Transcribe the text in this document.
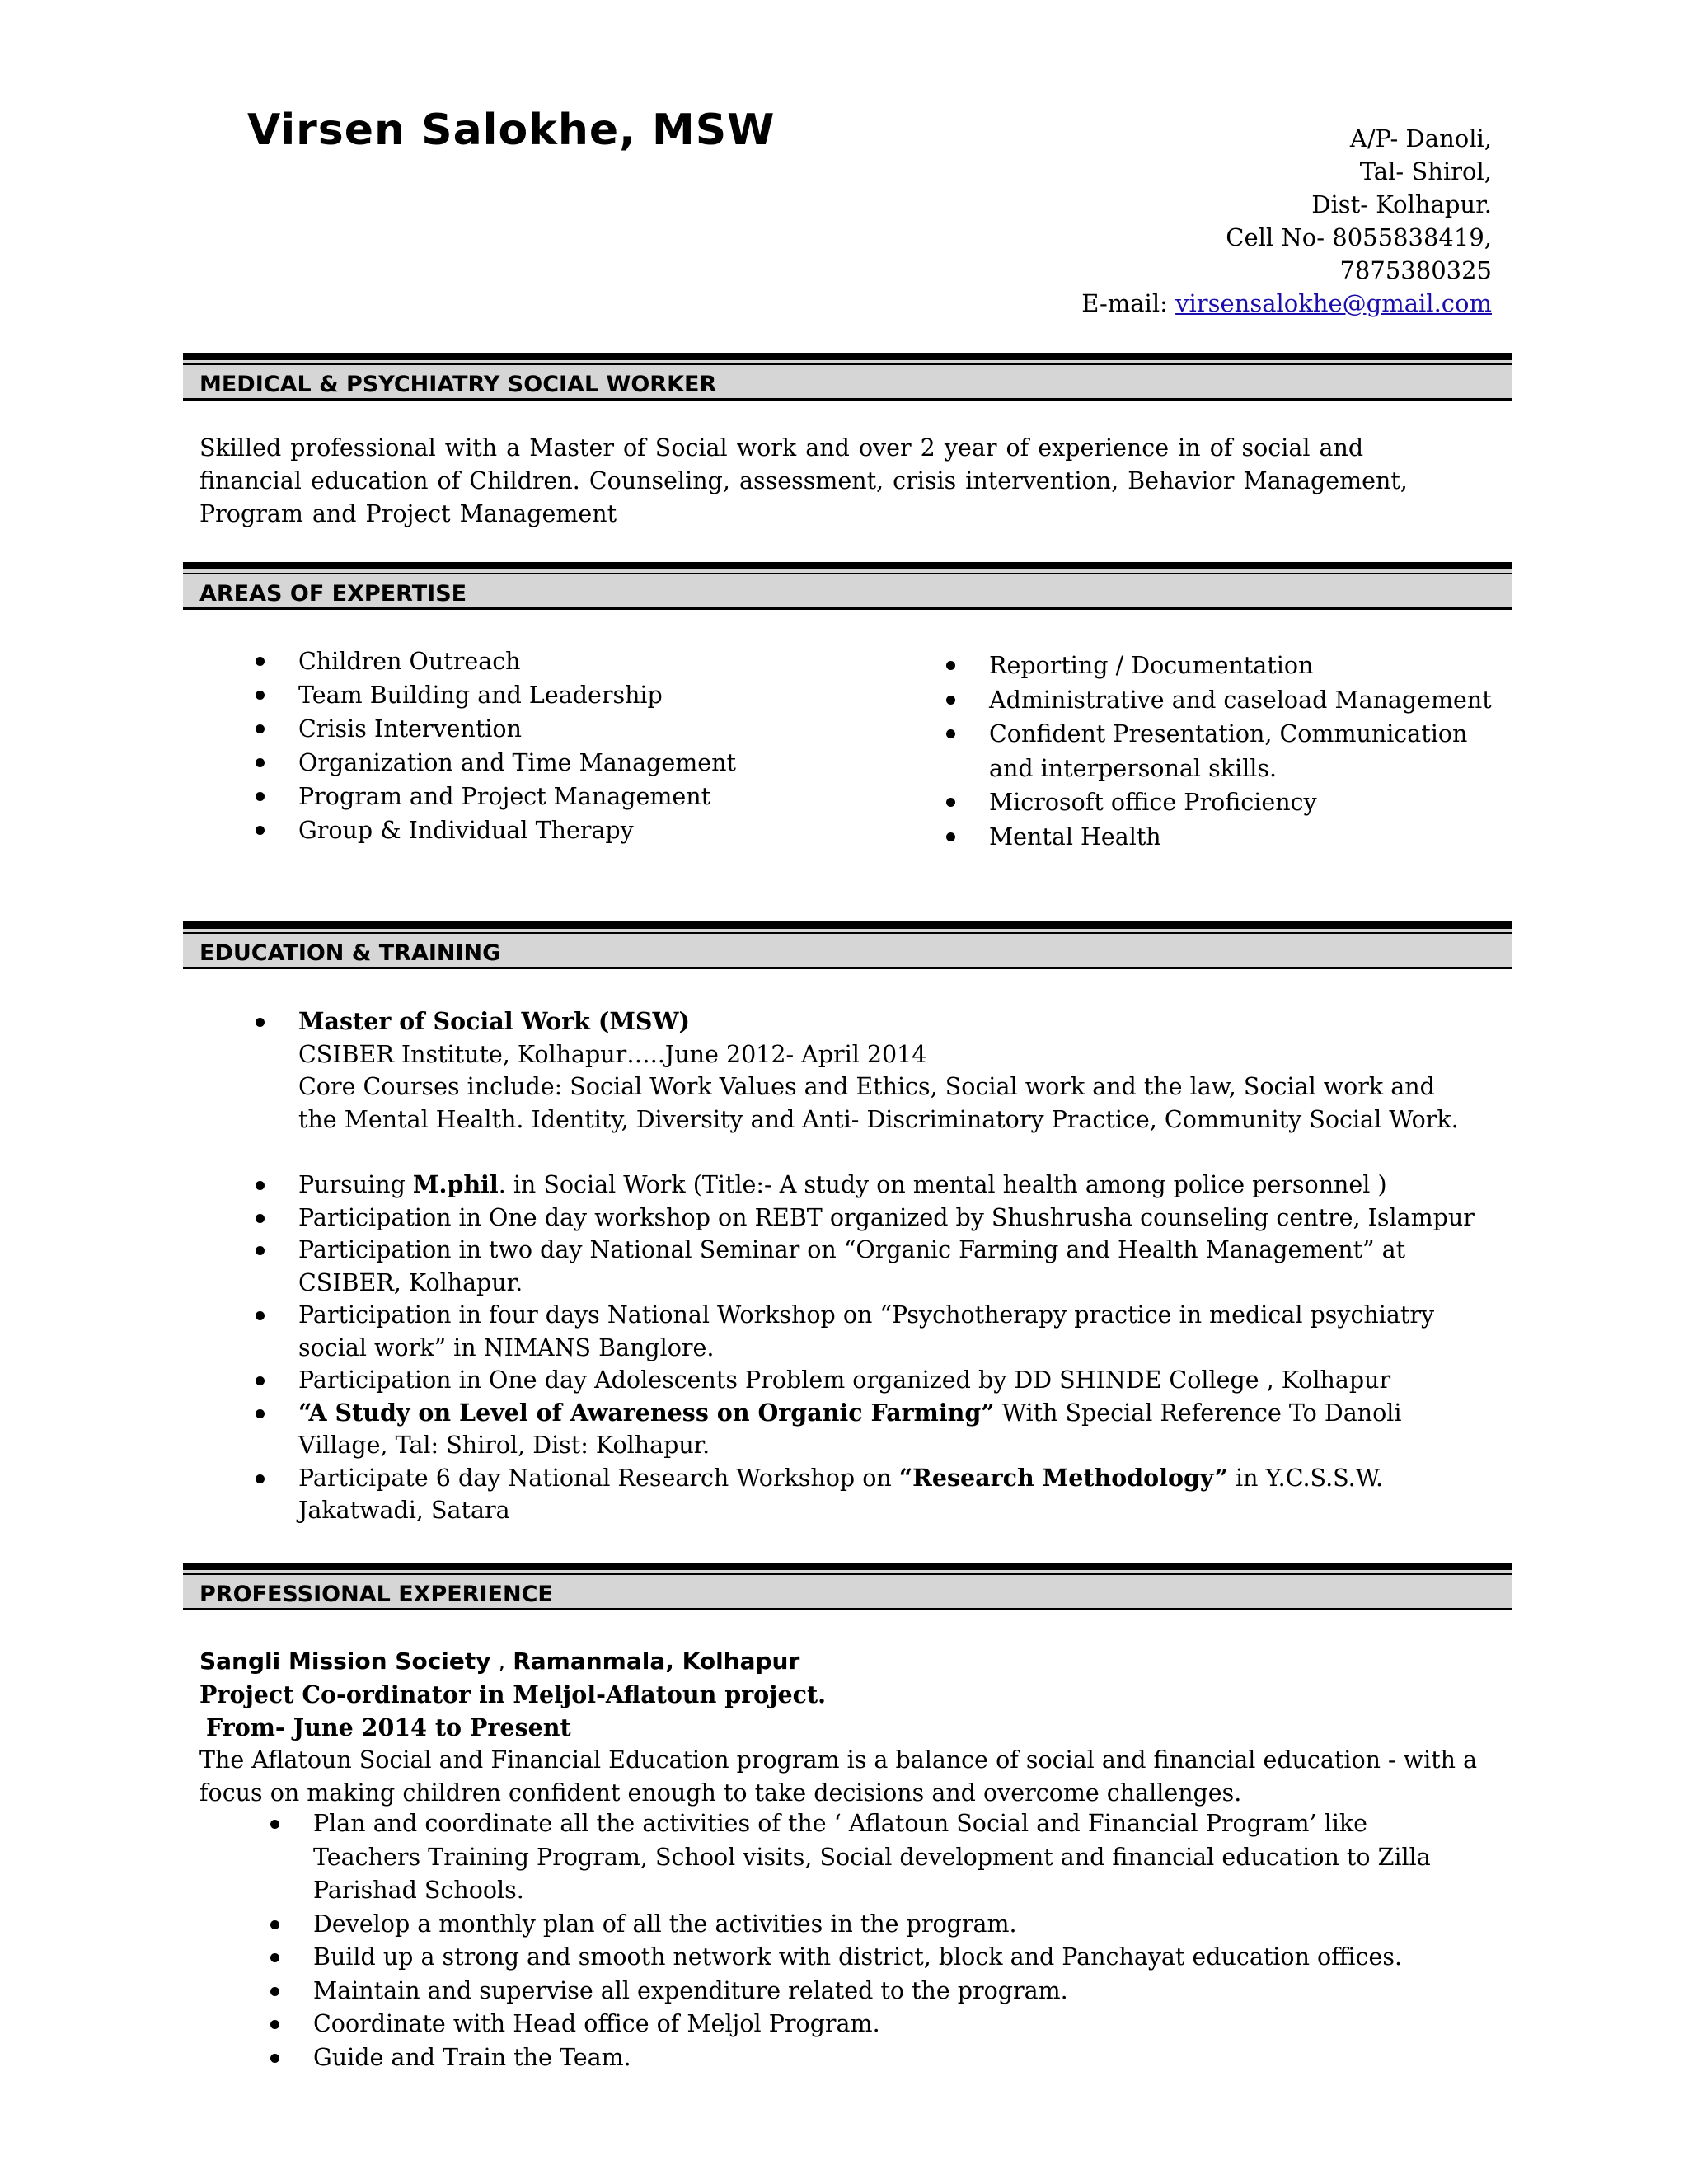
Virsen Salokhe, MSW	A/P- Danoli,
Tal- Shirol,
Dist- Kolhapur.
Cell No- 8055838419,
7875380325
E-mail: virsensalokhe@gmail.com
MEDICAL & PSYCHIATRY SOCIAL WORKER

Skilled professional with a Master of Social work and over 2 year of experience in of social and financial education of Children. Counseling, assessment, crisis intervention, Behavior Management, Program and Project Management

AREAS OF EXPERTISE
Children Outreach
Team Building and Leadership
Crisis Intervention
Organization and Time Management
Program and Project Management
Group & Individual Therapy
Reporting / Documentation
Administrative and caseload Management
Confident Presentation, Communication and interpersonal skills.
Microsoft office Proficiency
Mental Health
EDUCATION & TRAINING
Master of Social Work (MSW)
CSIBER Institute, Kolhapur…..June 2012- April 2014
Core Courses include: Social Work Values and Ethics, Social work and the law, Social work and the Mental Health. Identity, Diversity and Anti- Discriminatory Practice, Community Social Work.
Pursuing M.phil. in Social Work (Title:- A study on mental health among police personnel )
Participation in One day workshop on REBT organized by Shushrusha counseling centre, Islampur
Participation in two day National Seminar on “Organic Farming and Health Management” at CSIBER, Kolhapur.
Participation in four days National Workshop on “Psychotherapy practice in medical psychiatry social work” in NIMANS Banglore.
Participation in One day Adolescents Problem organized by DD SHINDE College , Kolhapur
“A Study on Level of Awareness on Organic Farming” With Special Reference To Danoli Village, Tal: Shirol, Dist: Kolhapur.
Participate 6 day National Research Workshop on “Research Methodology” in Y.C.S.S.W. Jakatwadi, Satara
PROFESSIONAL EXPERIENCE
Sangli Mission Society , Ramanmala, Kolhapur
Project Co-ordinator in Meljol-Aflatoun project.
From- June 2014 to Present
The Aflatoun Social and Financial Education program is a balance of social and financial education - with a focus on making children confident enough to take decisions and overcome challenges.
Plan and coordinate all the activities of the ‘ Aflatoun Social and Financial Program’ like Teachers Training Program, School visits, Social development and financial education to Zilla Parishad Schools.
Develop a monthly plan of all the activities in the program.
Build up a strong and smooth network with district, block and Panchayat education offices.
Maintain and supervise all expenditure related to the program.
Coordinate with Head office of Meljol Program.
Guide and Train the Team.
